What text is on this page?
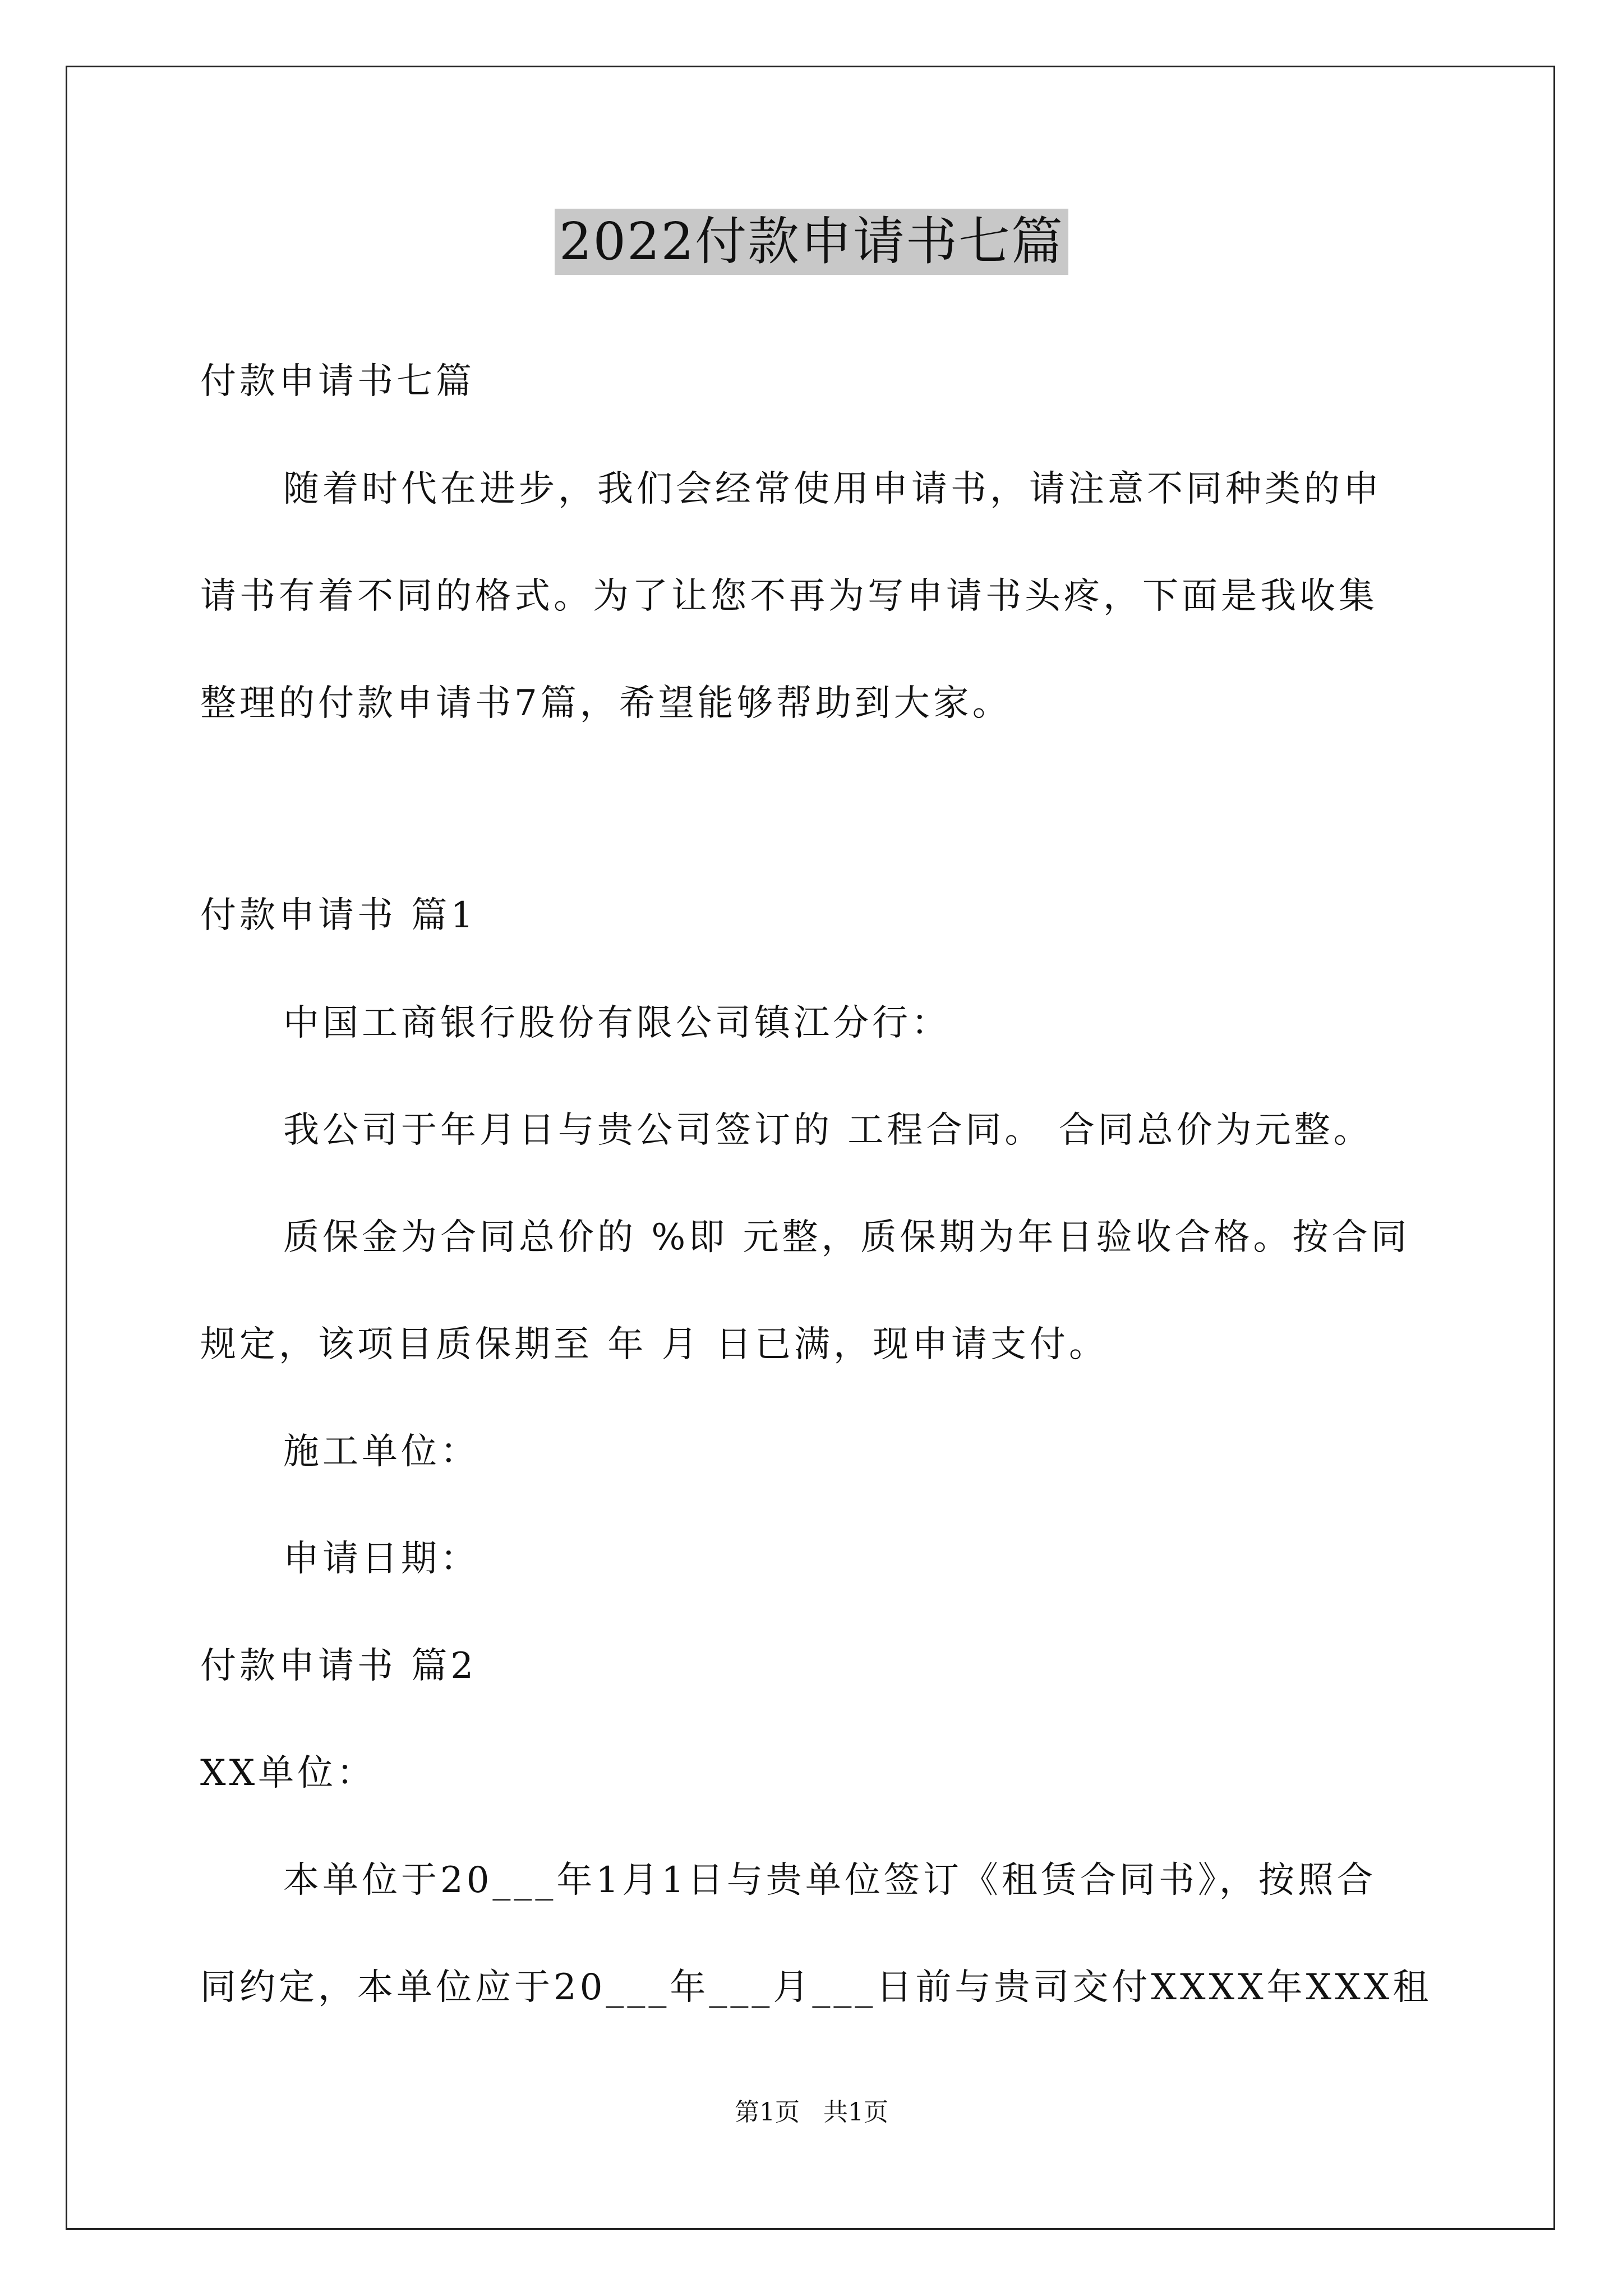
2022付款申请书七篇
付款申请书七篇
随着时代在进步，我们会经常使用申请书，请注意不同种类的申
请书有着不同的格式。为了让您不再为写申请书头疼，下面是我收集
整理的付款申请书7篇，希望能够帮助到大家。
付款申请书 篇1
中国工商银行股份有限公司镇江分行：
我公司于年月日与贵公司签订的 工程合同。 合同总价为元整。
质保金为合同总价的 %即 元整，质保期为年日验收合格。按合同
规定，该项目质保期至 年 月 日已满，现申请支付。
施工单位：
申请日期：
付款申请书 篇2
XX单位：
本单位于20___年1月1日与贵单位签订《租赁合同书》，按照合
同约定，本单位应于20___年___月___日前与贵司交付XXXX年XXX租
第1页   共1页
